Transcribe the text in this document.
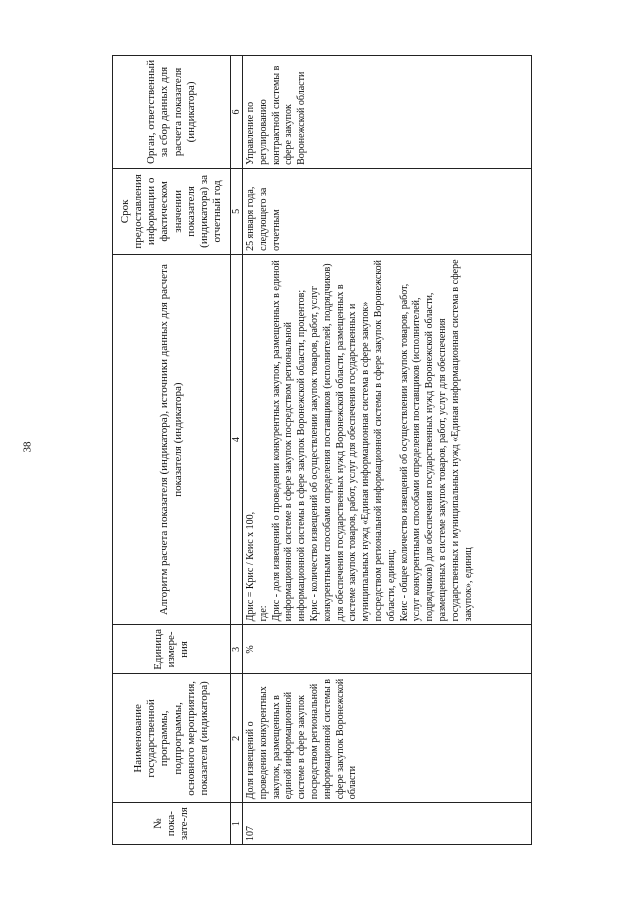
38
№ пока-зате-ля	Наименование государственной программы, подпрограммы, основного мероприятия, показателя (индикатора)	Единица измере-ния	Алгоритм расчета показателя (индикатора), источники данных для расчета показателя (индикатора)	Срок предоставления информации о фактическом значении показателя (индикатора) за отчетный год	Орган, ответственный за сбор данных для расчета показателя (индикатора)
1	2	3	4	5	6
107	Доля извещений о проведении конкурентных закупок, размещенных в единой информационной системе в сфере закупок посредством региональной информационной системы в сфере закупок Воронежской области	%	Дрис = Крис / Кеис х 100, где: Дрис - доля извещений о проведении конкурентных закупок, размещенных в единой информационной системе в сфере закупок посредством региональной информационной системы в сфере закупок Воронежской области, процентов; Крис - количество извещений об осуществлении закупок товаров, работ, услуг конкурентными способами определения поставщиков (исполнителей, подрядчиков) для обеспечения государственных нужд Воронежской области, размещенных в системе закупок товаров, работ, услуг для обеспечения государственных и муниципальных нужд «Единая информационная система в сфере закупок» посредством региональной информационной системы в сфере закупок Воронежской области, единиц; Кеис - общее количество извещений об осуществлении закупок товаров, работ, услуг конкурентными способами определения поставщиков (исполнителей, подрядчиков) для обеспечения государственных нужд Воронежской области, размещенных в системе закупок товаров, работ, услуг для обеспечения государственных и муниципальных нужд «Единая информационная система в сфере закупок», единиц	25 января года, следующего за отчетным	Управление по регулированию контрактной системы в сфере закупок Воронежской области
